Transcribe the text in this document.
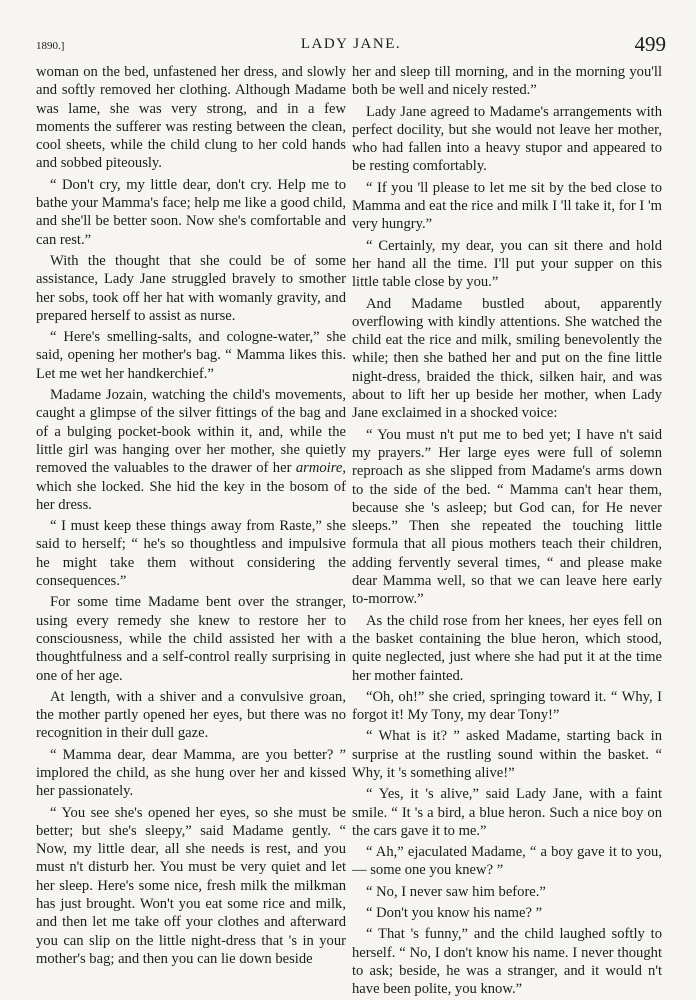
1890.]	LADY JANE.	499

woman on the bed, unfastened her dress, and slowly and softly removed her clothing. Although Madame was lame, she was very strong, and in a few moments the sufferer was resting between the clean, cool sheets, while the child clung to her cold hands and sobbed piteously.

“ Don't cry, my little dear, don't cry. Help me to bathe your Mamma's face; help me like a good child, and she'll be better soon. Now she's comfortable and can rest.”

With the thought that she could be of some assistance, Lady Jane struggled bravely to smother her sobs, took off her hat with womanly gravity, and prepared herself to assist as nurse.

“ Here's smelling-salts, and cologne-water,” she said, opening her mother's bag. “ Mamma likes this. Let me wet her handkerchief.”

Madame Jozain, watching the child's movements, caught a glimpse of the silver fittings of the bag and of a bulging pocket-book within it, and, while the little girl was hanging over her mother, she quietly removed the valuables to the drawer of her armoire, which she locked. She hid the key in the bosom of her dress.

“ I must keep these things away from Raste,” she said to herself; “ he's so thoughtless and impulsive he might take them without considering the consequences.”

For some time Madame bent over the stranger, using every remedy she knew to restore her to consciousness, while the child assisted her with a thoughtfulness and a self-control really surprising in one of her age.

At length, with a shiver and a convulsive groan, the mother partly opened her eyes, but there was no recognition in their dull gaze.

“ Mamma dear, dear Mamma, are you better? ” implored the child, as she hung over her and kissed her passionately.

“ You see she's opened her eyes, so she must be better; but she's sleepy,” said Madame gently. “ Now, my little dear, all she needs is rest, and you must n't disturb her. You must be very quiet and let her sleep. Here's some nice, fresh milk the milkman has just brought. Won't you eat some rice and milk, and then let me take off your clothes and afterward you can slip on the little night-dress that 's in your mother's bag; and then you can lie down beside

her and sleep till morning, and in the morning you'll both be well and nicely rested.”

Lady Jane agreed to Madame's arrangements with perfect docility, but she would not leave her mother, who had fallen into a heavy stupor and appeared to be resting comfortably.

“ If you 'll please to let me sit by the bed close to Mamma and eat the rice and milk I 'll take it, for I 'm very hungry.”

“ Certainly, my dear, you can sit there and hold her hand all the time. I'll put your supper on this little table close by you.”

And Madame bustled about, apparently overflowing with kindly attentions. She watched the child eat the rice and milk, smiling benevolently the while; then she bathed her and put on the fine little night-dress, braided the thick, silken hair, and was about to lift her up beside her mother, when Lady Jane exclaimed in a shocked voice:

“ You must n't put me to bed yet; I have n't said my prayers.” Her large eyes were full of solemn reproach as she slipped from Madame's arms down to the side of the bed. “ Mamma can't hear them, because she 's asleep; but God can, for He never sleeps.” Then she repeated the touching little formula that all pious mothers teach their children, adding fervently several times, “ and please make dear Mamma well, so that we can leave here early to-morrow.”

As the child rose from her knees, her eyes fell on the basket containing the blue heron, which stood, quite neglected, just where she had put it at the time her mother fainted.

“Oh, oh!” she cried, springing toward it. “ Why, I forgot it! My Tony, my dear Tony!”

“ What is it? ” asked Madame, starting back in surprise at the rustling sound within the basket. “ Why, it 's something alive!”

“ Yes, it 's alive,” said Lady Jane, with a faint smile. “ It 's a bird, a blue heron. Such a nice boy on the cars gave it to me.”

“ Ah,” ejaculated Madame, “ a boy gave it to you,— some one you knew? ”

“ No, I never saw him before.”

“ Don't you know his name? ”

“ That 's funny,” and the child laughed softly to herself. “ No, I don't know his name. I never thought to ask; beside, he was a stranger, and it would n't have been polite, you know.”
